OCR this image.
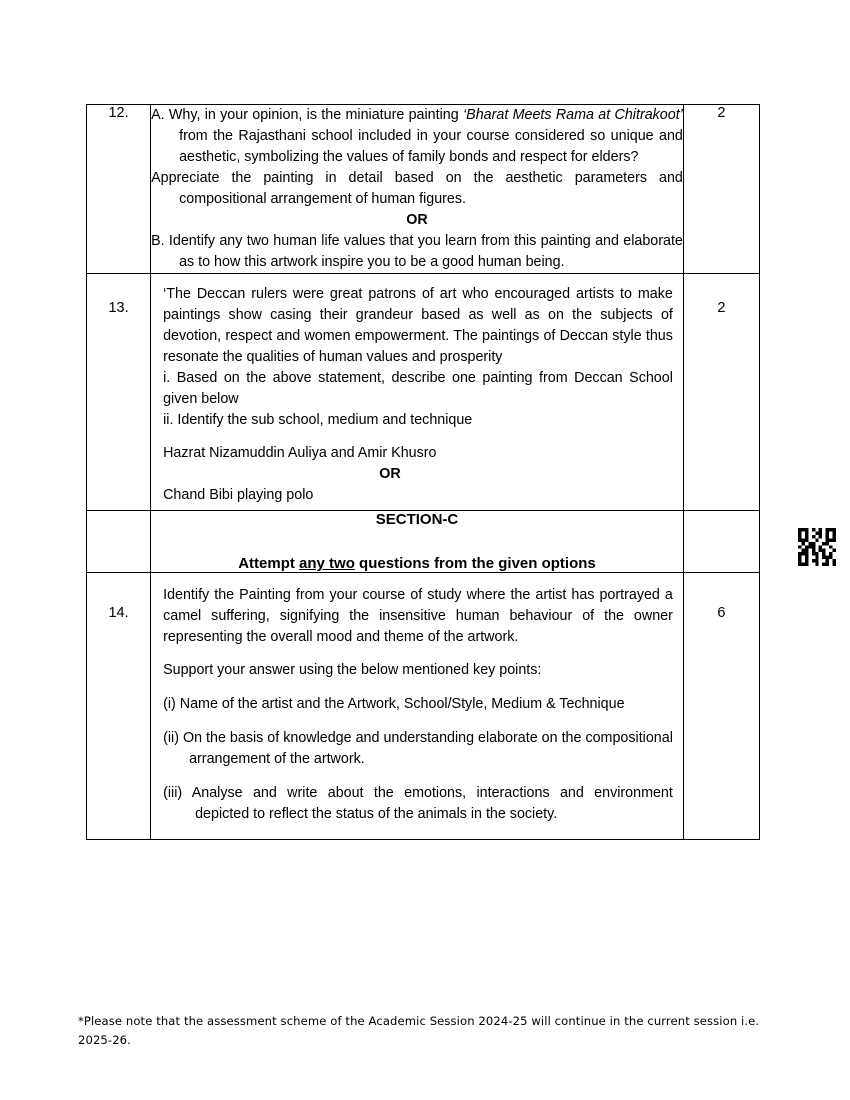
12.	A. Why, in your opinion, is the miniature painting ‘Bharat Meets Rama at Chitrakoot’ from the Rajasthani school included in your course considered so unique and aesthetic, symbolizing the values of family bonds and respect for elders?
Appreciate the painting in detail based on the aesthetic parameters and compositional arrangement of human figures.
OR
B. Identify any two human life values that you learn from this painting and elaborate as to how this artwork inspire you to be a good human being.	2
13.	
‘The Deccan rulers were great patrons of art who encouraged artists to make paintings show casing their grandeur based as well as on the subjects of devotion, respect and women empowerment. The paintings of Deccan style thus resonate the qualities of human values and prosperity
i. Based on the above statement, describe one painting from Deccan School given below
ii. Identify the sub school, medium and technique
Hazrat Nizamuddin Auliya and Amir Khusro
OR
Chand Bibi playing polo
	2

	SECTION-C
Attempt any two questions from the given options	

14.	Identify the Painting from your course of study where the artist has portrayed a camel suffering, signifying the insensitive human behaviour of the owner representing the overall mood and theme of the artwork.
Support your answer using the below mentioned key points:
(i) Name of the artist and the Artwork, School/Style, Medium & Technique
(ii) On the basis of knowledge and understanding elaborate on the compositional arrangement of the artwork.
(iii) Analyse and write about the emotions, interactions and environment depicted to reflect the status of the animals in the society.	6
*Please note that the assessment scheme of the Academic Session 2024-25 will continue in the current session i.e. 2025-26.
